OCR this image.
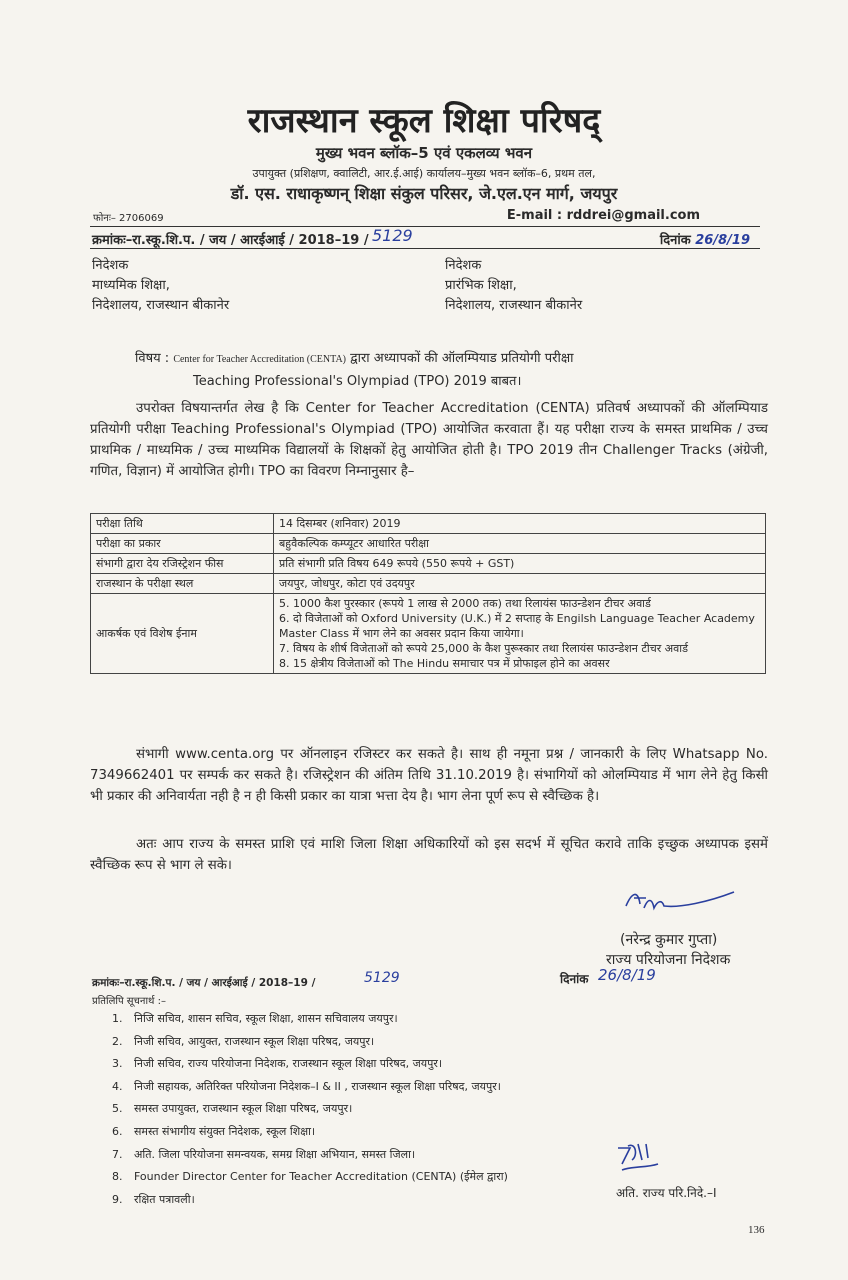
राजस्थान स्कूल शिक्षा परिषद्
मुख्य भवन ब्लॉक–5 एवं एकलव्य भवन
उपायुक्त (प्रशिक्षण, क्वालिटी, आर.ई.आई) कार्यालय–मुख्य भवन ब्लॉक–6, प्रथम तल,
डॉ. एस. राधाकृष्णन् शिक्षा संकुल परिसर, जे.एल.एन मार्ग, जयपुर
फोनः– 2706069	E-mail : rddrei@gmail.com
क्रमांकः–रा.स्कू.शि.प. / जय / आरईआई / 2018–19 / 5129	दिनांक 26/8/19
निदेशक
माध्यमिक शिक्षा,
निदेशालय, राजस्थान बीकानेर
निदेशक
प्रारंभिक शिक्षा,
निदेशालय, राजस्थान बीकानेर
विषय : Center for Teacher Accreditation (CENTA) द्वारा अध्यापकों की ऑलम्पियाड प्रतियोगी परीक्षा
Teaching Professional's Olympiad (TPO) 2019 बाबत।
उपरोक्त विषयान्तर्गत लेख है कि Center for Teacher Accreditation (CENTA) प्रतिवर्ष अध्यापकों की ऑलम्पियाड प्रतियोगी परीक्षा Teaching Professional's Olympiad (TPO) आयोजित करवाता हैं। यह परीक्षा राज्य के समस्त प्राथमिक / उच्च प्राथमिक / माध्यमिक / उच्च माध्यमिक विद्यालयों के शिक्षकों हेतु आयोजित होती है। TPO 2019 तीन Challenger Tracks (अंग्रेजी, गणित, विज्ञान) में आयोजित होगी। TPO का विवरण निम्नानुसार है–
परीक्षा तिथि	14 दिसम्बर (शनिवार) 2019
परीक्षा का प्रकार	बहुवैकल्पिक कम्प्यूटर आधारित परीक्षा
संभागी द्वारा देय रजिस्ट्रेशन फीस	प्रति संभागी प्रति विषय 649 रूपये (550 रूपये + GST)
राजस्थान के परीक्षा स्थल	जयपुर, जोधपुर, कोटा एवं उदयपुर
आकर्षक एवं विशेष ईनाम	5. 1000 कैश पुरस्कार (रूपये 1 लाख से 2000 तक) तथा रिलायंस फाउन्डेशन टीचर अवार्ड
6. दो विजेताओं को Oxford University (U.K.) में 2 सप्ताह के Engilsh Language Teacher Academy Master Class में भाग लेने का अवसर प्रदान किया जायेगा।
7. विषय के शीर्ष विजेताओं को रूपये 25,000 के कैश पुरूस्कार तथा रिलायंस फाउन्डेशन टीचर अवार्ड
8. 15 क्षेत्रीय विजेताओं को The Hindu समाचार पत्र में प्रोफाइल होने का अवसर
संभागी www.centa.org पर ऑनलाइन रजिस्टर कर सकते है। साथ ही नमूना प्रश्न / जानकारी के लिए Whatsapp No. 7349662401 पर सम्पर्क कर सकते है। रजिस्ट्रेशन की अंतिम तिथि 31.10.2019 है। संभागियों को ओलम्पियाड में भाग लेने हेतु किसी भी प्रकार की अनिवार्यता नही है न ही किसी प्रकार का यात्रा भत्ता देय है। भाग लेना पूर्ण रूप से स्वैच्छिक है।
अतः आप राज्य के समस्त प्राशि एवं माशि जिला शिक्षा अधिकारियों को इस सदर्भ में सूचित करावे ताकि इच्छुक अध्यापक इसमें स्वैच्छिक रूप से भाग ले सके।
(नरेन्द्र कुमार गुप्ता)
राज्य परियोजना निदेशक
क्रमांकः–रा.स्कू.शि.प. / जय / आरईआई / 2018–19 /	5129	दिनांक 26/8/19
प्रतिलिपि सूचनार्थ :–
1.	निजि सचिव, शासन सचिव, स्कूल शिक्षा, शासन सचिवालय जयपुर।
2.	निजी सचिव, आयुक्त, राजस्थान स्कूल शिक्षा परिषद, जयपुर।
3.	निजी सचिव, राज्य परियोजना निदेशक, राजस्थान स्कूल शिक्षा परिषद, जयपुर।
4.	निजी सहायक, अतिरिक्त परियोजना निदेशक–I & II , राजस्थान स्कूल शिक्षा परिषद, जयपुर।
5.	समस्त उपायुक्त, राजस्थान स्कूल शिक्षा परिषद, जयपुर।
6.	समस्त संभागीय संयुक्त निदेशक, स्कूल शिक्षा।
7.	अति. जिला परियोजना समन्वयक, समग्र शिक्षा अभियान, समस्त जिला।
8.	Founder Director Center for Teacher Accreditation (CENTA) (ईमेल द्वारा)
9.	रक्षित पत्रावली।	अति. राज्य परि.निदे.–I
136
